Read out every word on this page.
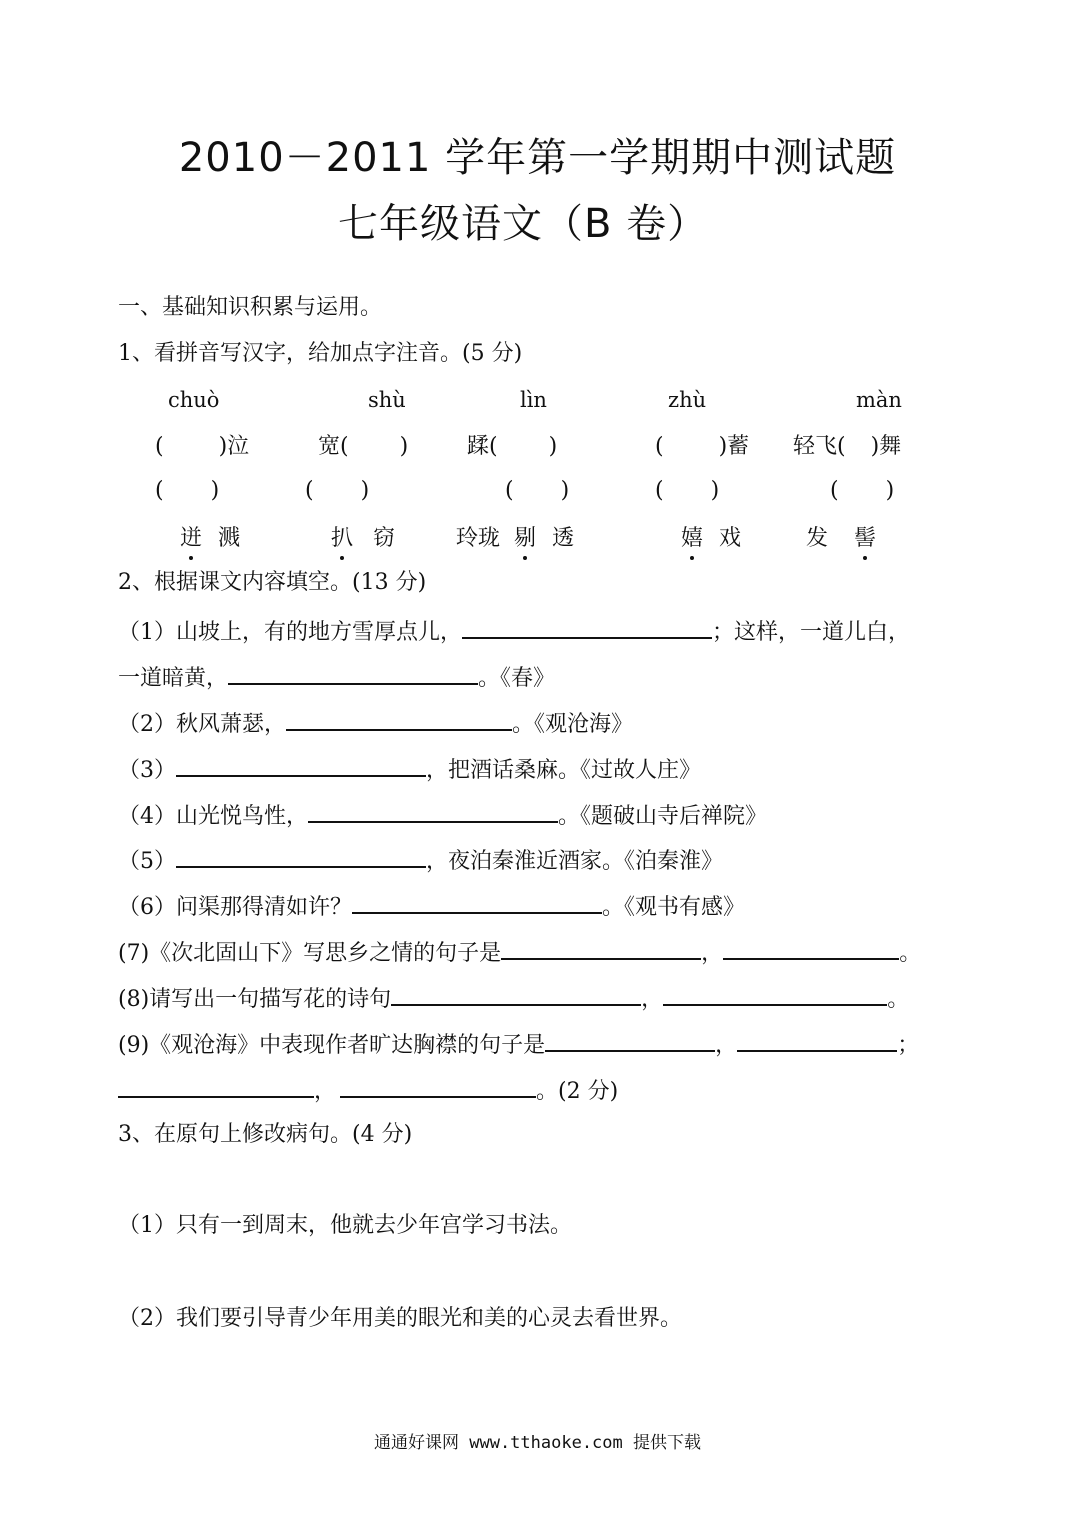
2010－2011 学年第一学期期中测试题
七年级语文（B 卷）
一、基础知识积累与运用。
1、看拼音写汉字，给加点字注音。(5 分)
chuò	shù	lìn	zhù	màn
( )泣	宽( )	蹂( )	( )蓄 轻飞( )舞
( )	( )	( )	( )	( )
迸 溅	扒 窃	玲珑 剔 透	嬉 戏	发 髻
2、根据课文内容填空。(13 分)
（1）山坡上，有的地方雪厚点儿，	；这样，一道儿白，
一道暗黄，	。《春》
（2）秋风萧瑟，	。《观沧海》
（3）	，把酒话桑麻。《过故人庄》
（4）山光悦鸟性，	。《题破山寺后禅院》
（5）	，夜泊秦淮近酒家。《泊秦淮》
（6）问渠那得清如许？	。《观书有感》
(7)《次北固山下》写思乡之情的句子是	，	。
(8)请写出一句描写花的诗句	，	。
(9)《观沧海》中表现作者旷达胸襟的句子是	，	；
，	。(2 分)
3、在原句上修改病句。(4 分)
（1）只有一到周末，他就去少年宫学习书法。
（2）我们要引导青少年用美的眼光和美的心灵去看世界。
通通好课网 www.tthaoke.com 提供下载
